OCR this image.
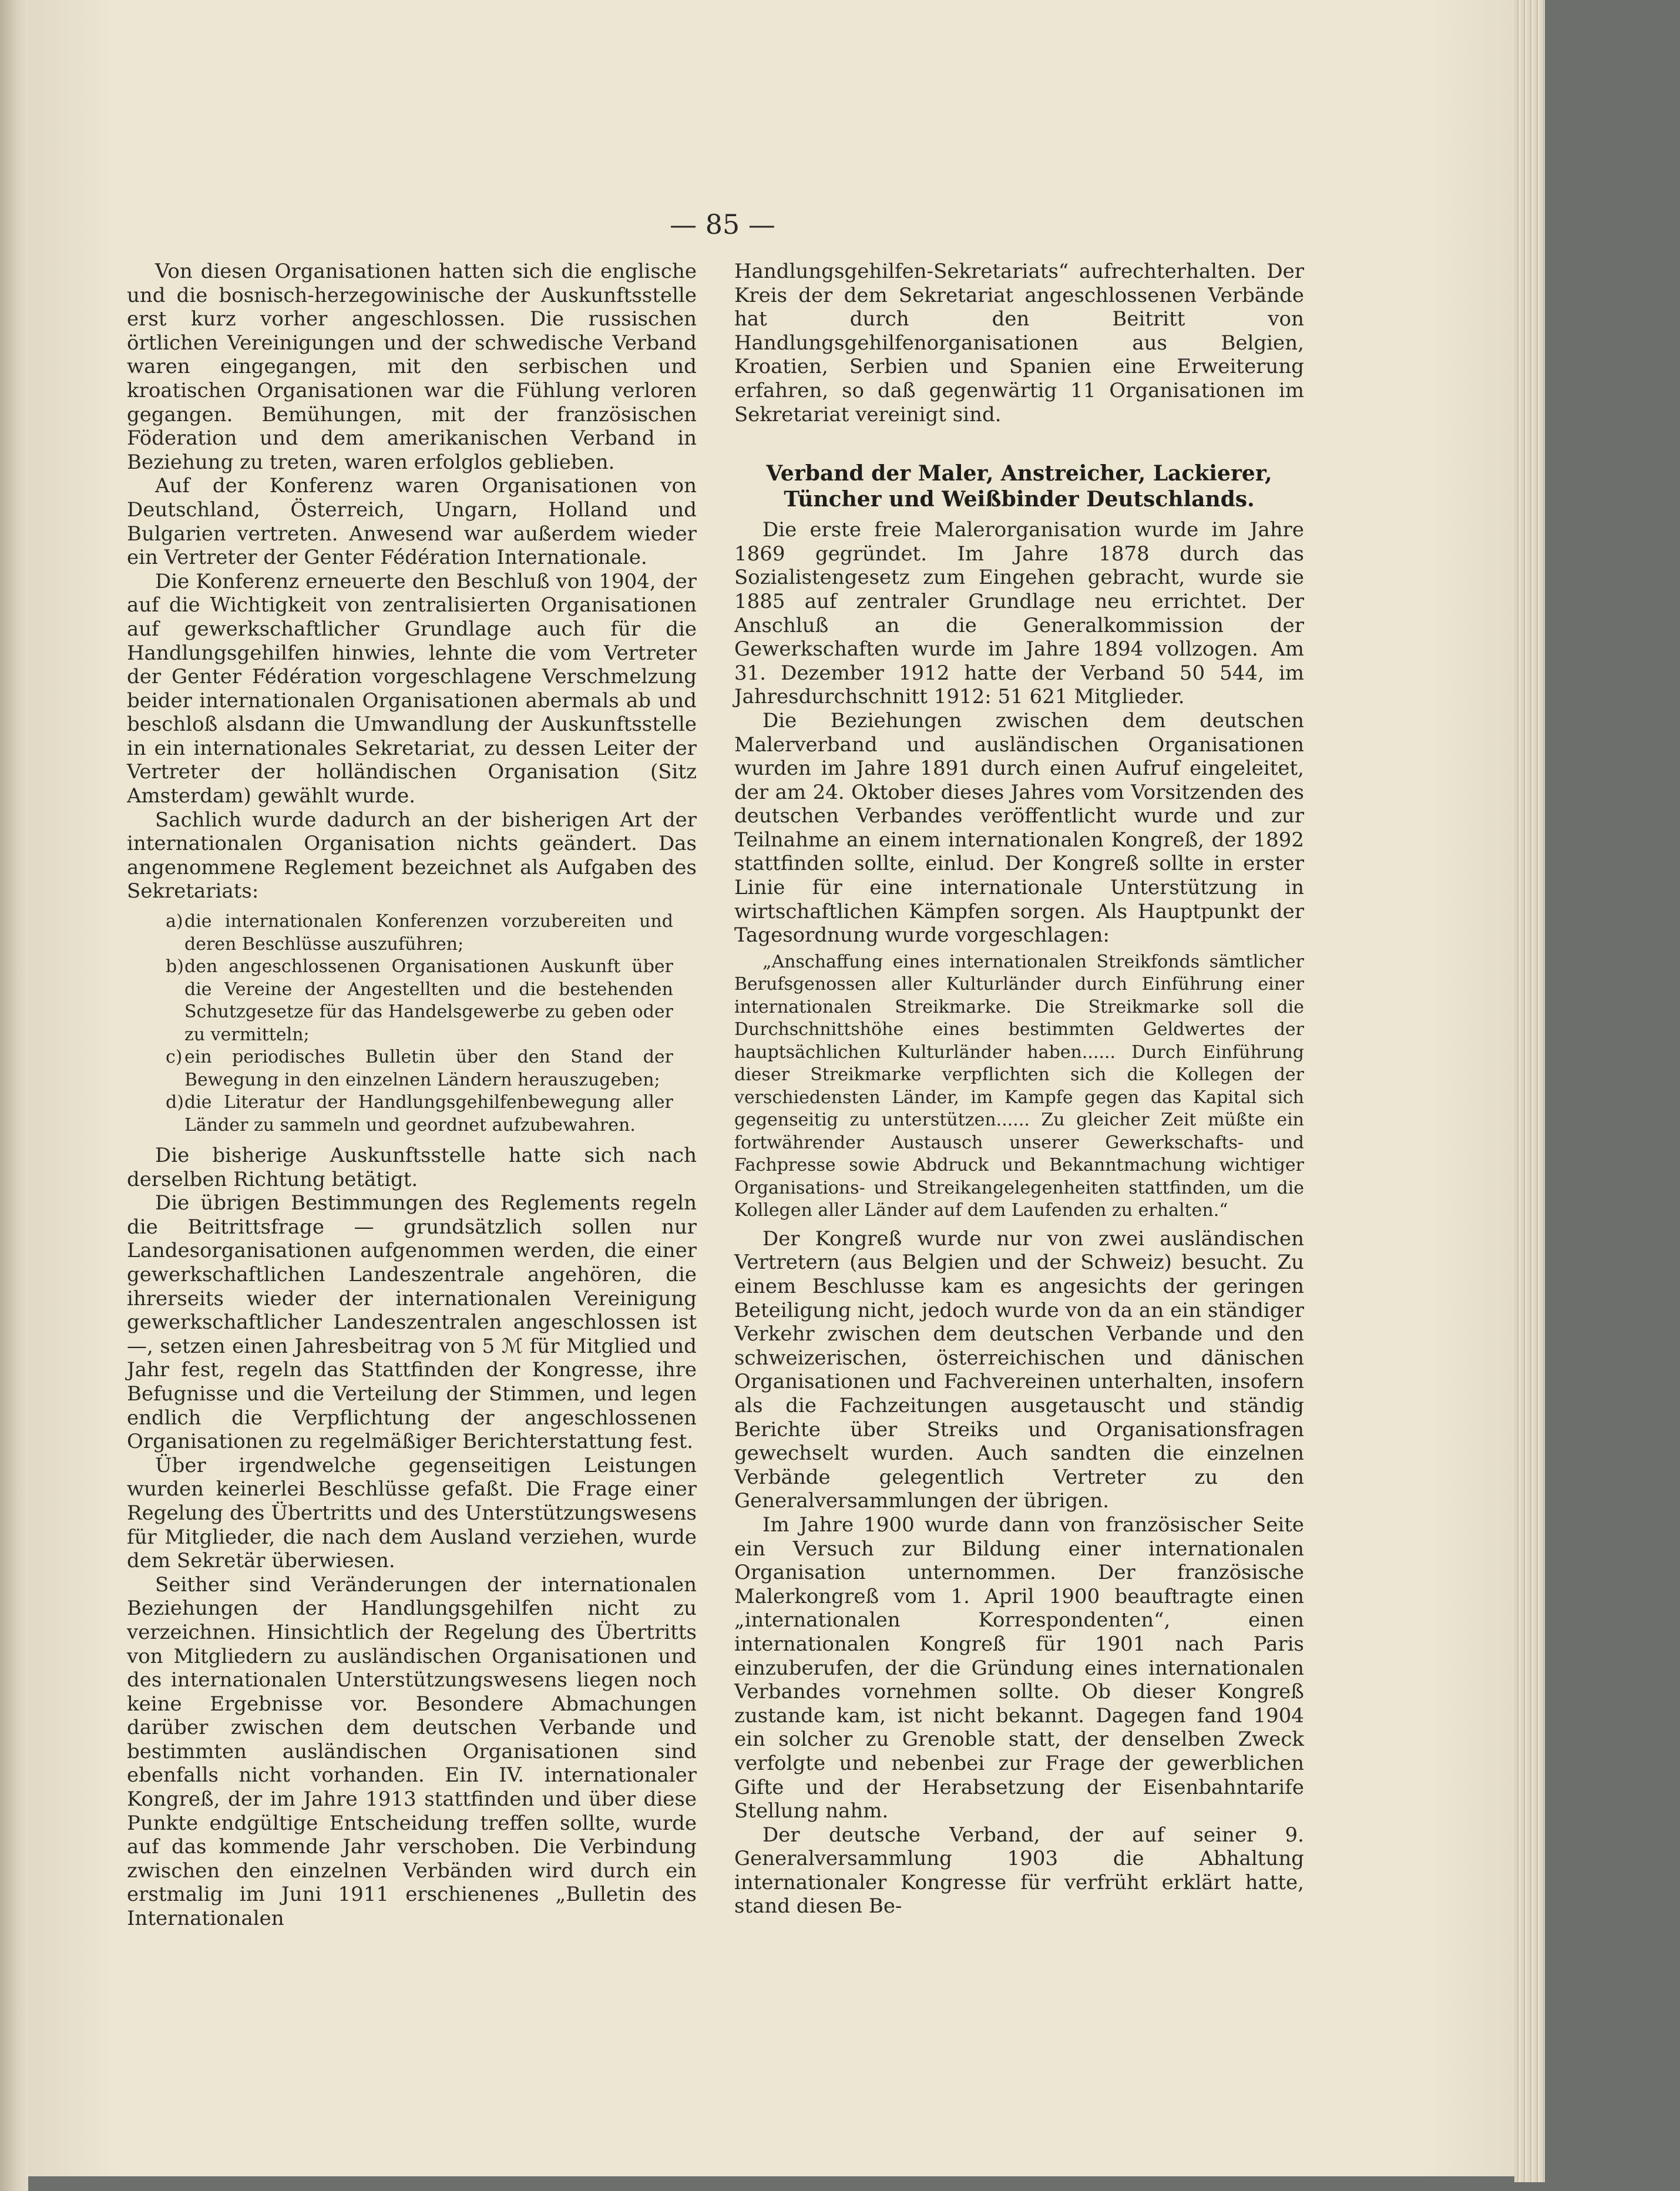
— 85 —

Von diesen Organisationen hatten sich die englische und die bosnisch-herzegowinische der Auskunftsstelle erst kurz vorher angeschlossen. Die russischen örtlichen Vereinigungen und der schwedische Verband waren eingegangen, mit den serbischen und kroatischen Organisationen war die Fühlung verloren gegangen. Bemühungen, mit der französischen Föderation und dem amerikanischen Verband in Beziehung zu treten, waren erfolglos geblieben.

Auf der Konferenz waren Organisationen von Deutschland, Österreich, Ungarn, Holland und Bulgarien vertreten. Anwesend war außerdem wieder ein Vertreter der Genter Fédération Internationale.

Die Konferenz erneuerte den Beschluß von 1904, der auf die Wichtigkeit von zentralisierten Organisationen auf gewerkschaftlicher Grundlage auch für die Handlungsgehilfen hinwies, lehnte die vom Vertreter der Genter Fédération vorgeschlagene Verschmelzung beider internationalen Organisationen abermals ab und beschloß alsdann die Umwandlung der Auskunftsstelle in ein internationales Sekretariat, zu dessen Leiter der Vertreter der holländischen Organisation (Sitz Amsterdam) gewählt wurde.

Sachlich wurde dadurch an der bisherigen Art der internationalen Organisation nichts geändert. Das angenommene Reglement bezeichnet als Aufgaben des Sekretariats:

a) die internationalen Konferenzen vorzubereiten und deren Beschlüsse auszuführen;
b) den angeschlossenen Organisationen Auskunft über die Vereine der Angestellten und die bestehenden Schutzgesetze für das Handelsgewerbe zu geben oder zu vermitteln;
c) ein periodisches Bulletin über den Stand der Bewegung in den einzelnen Ländern herauszugeben;
d) die Literatur der Handlungsgehilfenbewegung aller Länder zu sammeln und geordnet aufzubewahren.

Die bisherige Auskunftsstelle hatte sich nach derselben Richtung betätigt.

Die übrigen Bestimmungen des Reglements regeln die Beitrittsfrage — grundsätzlich sollen nur Landesorganisationen aufgenommen werden, die einer gewerkschaftlichen Landeszentrale angehören, die ihrerseits wieder der internationalen Vereinigung gewerkschaftlicher Landeszentralen angeschlossen ist —, setzen einen Jahresbeitrag von 5 ℳ für Mitglied und Jahr fest, regeln das Stattfinden der Kongresse, ihre Befugnisse und die Verteilung der Stimmen, und legen endlich die Verpflichtung der angeschlossenen Organisationen zu regelmäßiger Berichterstattung fest.

Über irgendwelche gegenseitigen Leistungen wurden keinerlei Beschlüsse gefaßt. Die Frage einer Regelung des Übertritts und des Unterstützungswesens für Mitglieder, die nach dem Ausland verziehen, wurde dem Sekretär überwiesen.

Seither sind Veränderungen der internationalen Beziehungen der Handlungsgehilfen nicht zu verzeichnen. Hinsichtlich der Regelung des Übertritts von Mitgliedern zu ausländischen Organisationen und des internationalen Unterstützungswesens liegen noch keine Ergebnisse vor. Besondere Abmachungen darüber zwischen dem deutschen Verbande und bestimmten ausländischen Organisationen sind ebenfalls nicht vorhanden. Ein IV. internationaler Kongreß, der im Jahre 1913 stattfinden und über diese Punkte endgültige Entscheidung treffen sollte, wurde auf das kommende Jahr verschoben. Die Verbindung zwischen den einzelnen Verbänden wird durch ein erstmalig im Juni 1911 erschienenes „Bulletin des Internationalen

Handlungsgehilfen-Sekretariats“ aufrechterhalten. Der Kreis der dem Sekretariat angeschlossenen Verbände hat durch den Beitritt von Handlungsgehilfenorganisationen aus Belgien, Kroatien, Serbien und Spanien eine Erweiterung erfahren, so daß gegenwärtig 11 Organisationen im Sekretariat vereinigt sind.

Verband der Maler, Anstreicher, Lackierer, Tüncher und Weißbinder Deutschlands.

Die erste freie Malerorganisation wurde im Jahre 1869 gegründet. Im Jahre 1878 durch das Sozialistengesetz zum Eingehen gebracht, wurde sie 1885 auf zentraler Grundlage neu errichtet. Der Anschluß an die Generalkommission der Gewerkschaften wurde im Jahre 1894 vollzogen. Am 31. Dezember 1912 hatte der Verband 50 544, im Jahresdurchschnitt 1912: 51 621 Mitglieder.

Die Beziehungen zwischen dem deutschen Malerverband und ausländischen Organisationen wurden im Jahre 1891 durch einen Aufruf eingeleitet, der am 24. Oktober dieses Jahres vom Vorsitzenden des deutschen Verbandes veröffentlicht wurde und zur Teilnahme an einem internationalen Kongreß, der 1892 stattfinden sollte, einlud. Der Kongreß sollte in erster Linie für eine internationale Unterstützung in wirtschaftlichen Kämpfen sorgen. Als Hauptpunkt der Tagesordnung wurde vorgeschlagen:

„Anschaffung eines internationalen Streikfonds sämtlicher Berufsgenossen aller Kulturländer durch Einführung einer internationalen Streikmarke. Die Streikmarke soll die Durchschnittshöhe eines bestimmten Geldwertes der hauptsächlichen Kulturländer haben...... Durch Einführung dieser Streikmarke verpflichten sich die Kollegen der verschiedensten Länder, im Kampfe gegen das Kapital sich gegenseitig zu unterstützen...... Zu gleicher Zeit müßte ein fortwährender Austausch unserer Gewerkschafts- und Fachpresse sowie Abdruck und Bekanntmachung wichtiger Organisations- und Streikangelegenheiten stattfinden, um die Kollegen aller Länder auf dem Laufenden zu erhalten.“

Der Kongreß wurde nur von zwei ausländischen Vertretern (aus Belgien und der Schweiz) besucht. Zu einem Beschlusse kam es angesichts der geringen Beteiligung nicht, jedoch wurde von da an ein ständiger Verkehr zwischen dem deutschen Verbande und den schweizerischen, österreichischen und dänischen Organisationen und Fachvereinen unterhalten, insofern als die Fachzeitungen ausgetauscht und ständig Berichte über Streiks und Organisationsfragen gewechselt wurden. Auch sandten die einzelnen Verbände gelegentlich Vertreter zu den Generalversammlungen der übrigen.

Im Jahre 1900 wurde dann von französischer Seite ein Versuch zur Bildung einer internationalen Organisation unternommen. Der französische Malerkongreß vom 1. April 1900 beauftragte einen „internationalen Korrespondenten“, einen internationalen Kongreß für 1901 nach Paris einzuberufen, der die Gründung eines internationalen Verbandes vornehmen sollte. Ob dieser Kongreß zustande kam, ist nicht bekannt. Dagegen fand 1904 ein solcher zu Grenoble statt, der denselben Zweck verfolgte und nebenbei zur Frage der gewerblichen Gifte und der Herabsetzung der Eisenbahntarife Stellung nahm.

Der deutsche Verband, der auf seiner 9. Generalversammlung 1903 die Abhaltung internationaler Kongresse für verfrüht erklärt hatte, stand diesen Be-
